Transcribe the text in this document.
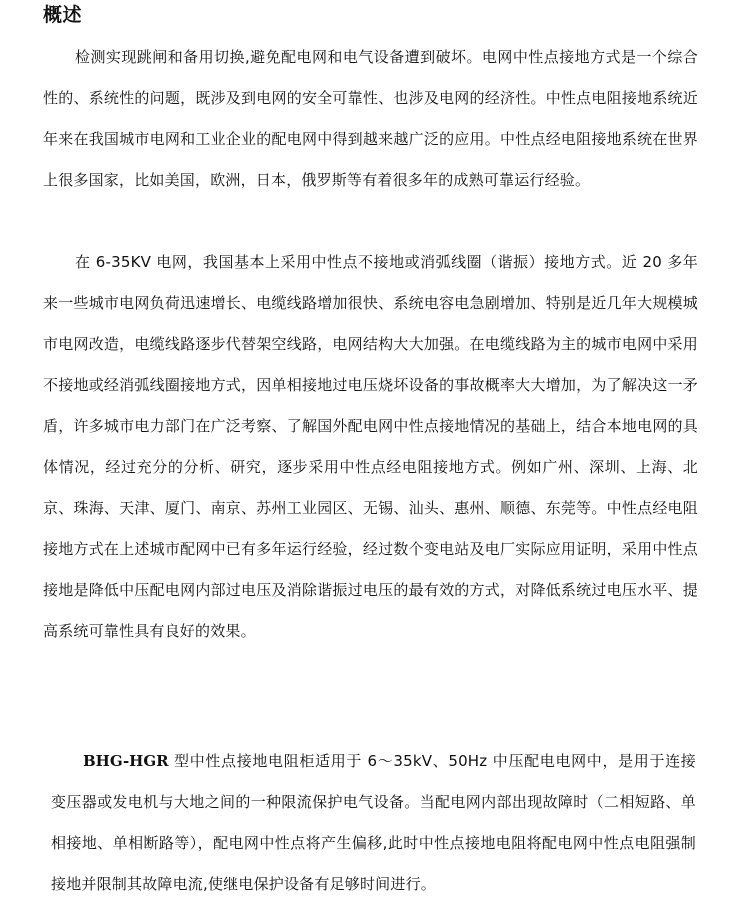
概述

检测实现跳闸和备用切换,避免配电网和电气设备遭到破坏。电网中性点接地方式是一个综合性的、系统性的问题，既涉及到电网的安全可靠性、也涉及电网的经济性。中性点电阻接地系统近年来在我国城市电网和工业企业的配电网中得到越来越广泛的应用。中性点经电阻接地系统在世界上很多国家，比如美国，欧洲，日本，俄罗斯等有着很多年的成熟可靠运行经验。

在 6-35KV 电网，我国基本上采用中性点不接地或消弧线圈（谐振）接地方式。近 20 多年来一些城市电网负荷迅速增长、电缆线路增加很快、系统电容电急剧增加、特别是近几年大规模城市电网改造，电缆线路逐步代替架空线路，电网结构大大加强。在电缆线路为主的城市电网中采用不接地或经消弧线圈接地方式，因单相接地过电压烧坏设备的事故概率大大增加，为了解决这一矛盾，许多城市电力部门在广泛考察、了解国外配电网中性点接地情况的基础上，结合本地电网的具体情况，经过充分的分析、研究，逐步采用中性点经电阻接地方式。例如广州、深圳、上海、北京、珠海、天津、厦门、南京、苏州工业园区、无锡、汕头、惠州、顺德、东莞等。中性点经电阻接地方式在上述城市配网中已有多年运行经验，经过数个变电站及电厂实际应用证明，采用中性点接地是降低中压配电网内部过电压及消除谐振过电压的最有效的方式，对降低系统过电压水平、提高系统可靠性具有良好的效果。

BHG-HGR 型中性点接地电阻柜适用于 6～35kV、50Hz 中压配电电网中，是用于连接变压器或发电机与大地之间的一种限流保护电气设备。当配电网内部出现故障时（二相短路、单相接地、单相断路等），配电网中性点将产生偏移,此时中性点接地电阻将配电网中性点电阻强制接地并限制其故障电流,使继电保护设备有足够时间进行。
